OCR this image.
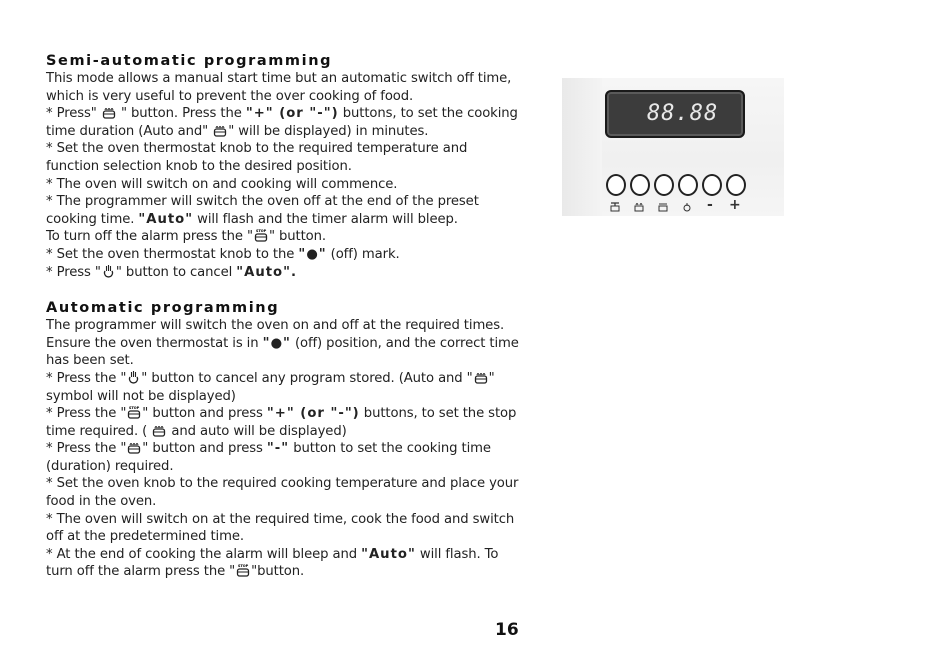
Semi-automatic programming
This mode allows a manual start time but an automatic switch off time, which is very useful to prevent the over cooking of food.
* Press"  " button. Press the "+" (or "-") buttons, to set the cooking time duration (Auto and" " will be displayed) in minutes.
* Set the oven thermostat knob to the required temperature and function selection knob to the desired position.
* The oven will switch on and cooking will commence.
* The programmer will switch the oven off at the end of the preset cooking time. "Auto" will flash and the timer alarm will bleep.
To turn off the alarm press the " STOP " button.
* Set the oven thermostat knob to the "●" (off) mark.
* Press " " button to cancel "Auto".
Automatic programming
The programmer will switch the oven on and off at the required times.
Ensure the oven thermostat is in "●" (off) position, and the correct time has been set.
* Press the " " button to cancel any program stored. (Auto and " " symbol will not be displayed)
* Press the " STOP " button and press "+" (or "-") buttons, to set the stop time required. (  and auto will be displayed)
* Press the " " button and press "-" button to set the cooking time (duration) required.
* Set the oven knob to the required cooking temperature and place your food in the oven.
* The oven will switch on at the required time, cook the food and switch off at the predetermined time.
* At the end of cooking the alarm will bleep and "Auto" will flash. To turn off the alarm press the " STOP "button.
88.88
- +
16
